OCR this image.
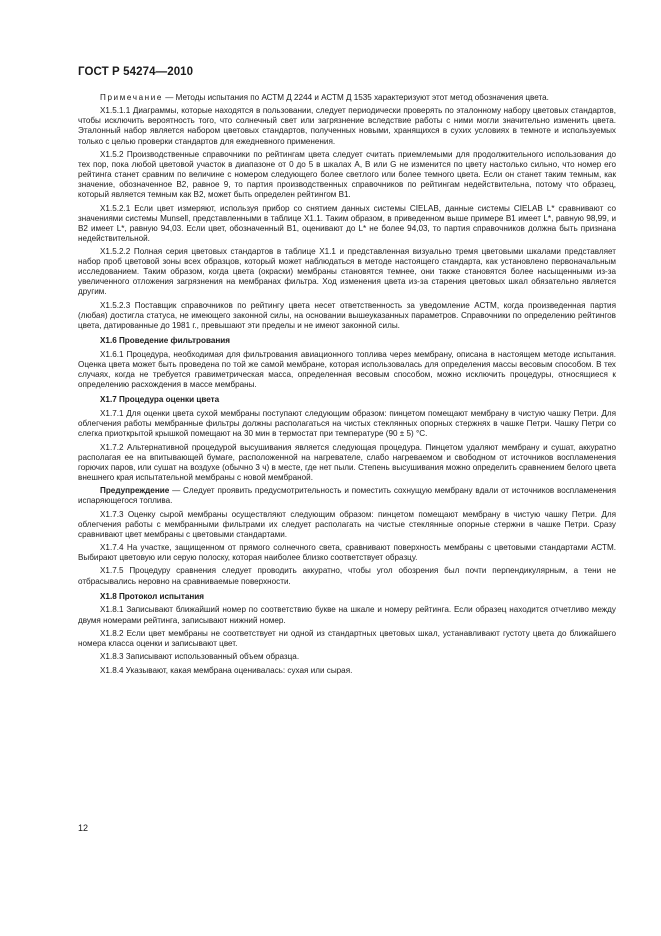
ГОСТ Р 54274—2010

Примечание — Методы испытания по АСТМ Д 2244 и АСТМ Д 1535 характеризуют этот метод обозначения цвета.

X1.5.1.1 Диаграммы, которые находятся в пользовании, следует периодически проверять по эталонному набору цветовых стандартов, чтобы исключить вероятность того, что солнечный свет или загрязнение вследствие работы с ними могли значительно изменить цвета. Эталонный набор является набором цветовых стандартов, полученных новыми, хранящихся в сухих условиях в темноте и используемых только с целью проверки стандартов для ежедневного применения.

X1.5.2 Производственные справочники по рейтингам цвета следует считать приемлемыми для продолжительного использования до тех пор, пока любой цветовой участок в диапазоне от 0 до 5 в шкалах А, В или G не изменится по цвету настолько сильно, что номер его рейтинга станет сравним по величине с номером следующего более светлого или более темного цвета. Если он станет таким темным, как значение, обозначенное В2, равное 9, то партия производственных справочников по рейтингам недействительна, потому что образец, который является темным как В2, может быть определен рейтингом В1.

X1.5.2.1 Если цвет измеряют, используя прибор со снятием данных системы CIELAB, данные системы CIELAB L* сравнивают со значениями системы Munsell, представленными в таблице X1.1. Таким образом, в приведенном выше примере В1 имеет L*, равную 98,99, и В2 имеет L*, равную 94,03. Если цвет, обозначенный В1, оценивают до L* не более 94,03, то партия справочников должна быть признана недействительной.

X1.5.2.2 Полная серия цветовых стандартов в таблице X1.1 и представленная визуально тремя цветовыми шкалами представляет набор проб цветовой зоны всех образцов, который может наблюдаться в методе настоящего стандарта, как установлено первоначальным исследованием. Таким образом, когда цвета (окраски) мембраны становятся темнее, они также становятся более насыщенными из-за увеличенного отложения загрязнения на мембранах фильтра. Ход изменения цвета из-за старения цветовых шкал обязательно является другим.

X1.5.2.3 Поставщик справочников по рейтингу цвета несет ответственность за уведомление АСТМ, когда произведенная партия (любая) достигла статуса, не имеющего законной силы, на основании вышеуказанных параметров. Справочники по определению рейтингов цвета, датированные до 1981 г., превышают эти пределы и не имеют законной силы.

X1.6 Проведение фильтрования

X1.6.1 Процедура, необходимая для фильтрования авиационного топлива через мембрану, описана в настоящем методе испытания. Оценка цвета может быть проведена по той же самой мембране, которая использовалась для определения массы весовым способом. В тех случаях, когда не требуется гравиметрическая масса, определенная весовым способом, можно исключить процедуры, относящиеся к определению расхождения в массе мембраны.

X1.7 Процедура оценки цвета

X1.7.1 Для оценки цвета сухой мембраны поступают следующим образом: пинцетом помещают мембрану в чистую чашку Петри. Для облегчения работы мембранные фильтры должны располагаться на чистых стеклянных опорных стержнях в чашке Петри. Чашку Петри со слегка приоткрытой крышкой помещают на 30 мин в термостат при температуре (90 ± 5) °С.

X1.7.2 Альтернативной процедурой высушивания является следующая процедура. Пинцетом удаляют мембрану и сушат, аккуратно располагая ее на впитывающей бумаге, расположенной на нагревателе, слабо нагреваемом и свободном от источников воспламенения горючих паров, или сушат на воздухе (обычно 3 ч) в месте, где нет пыли. Степень высушивания можно определить сравнением белого цвета внешнего края испытательной мембраны с новой мембраной.

Предупреждение — Следует проявить предусмотрительность и поместить сохнущую мембрану вдали от источников воспламенения испаряющегося топлива.

X1.7.3 Оценку сырой мембраны осуществляют следующим образом: пинцетом помещают мембрану в чистую чашку Петри. Для облегчения работы с мембранными фильтрами их следует располагать на чистые стеклянные опорные стержни в чашке Петри. Сразу сравнивают цвет мембраны с цветовыми стандартами.

X1.7.4 На участке, защищенном от прямого солнечного света, сравнивают поверхность мембраны с цветовыми стандартами АСТМ. Выбирают цветовую или серую полоску, которая наиболее близко соответствует образцу.

X1.7.5 Процедуру сравнения следует проводить аккуратно, чтобы угол обозрения был почти перпендикулярным, а тени не отбрасывались неровно на сравниваемые поверхности.

X1.8 Протокол испытания

X1.8.1 Записывают ближайший номер по соответствию букве на шкале и номеру рейтинга. Если образец находится отчетливо между двумя номерами рейтинга, записывают нижний номер.

X1.8.2 Если цвет мембраны не соответствует ни одной из стандартных цветовых шкал, устанавливают густоту цвета до ближайшего номера класса оценки и записывают цвет.

X1.8.3 Записывают использованный объем образца.

X1.8.4 Указывают, какая мембрана оценивалась: сухая или сырая.

12
